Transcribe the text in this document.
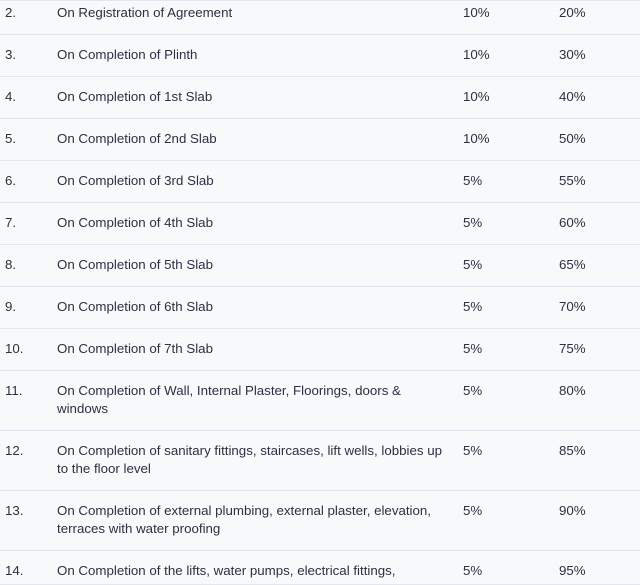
2.	On Registration of Agreement	10%	20%
3.	On Completion of Plinth	10%	30%
4.	On Completion of 1st Slab	10%	40%
5.	On Completion of 2nd Slab	10%	50%
6.	On Completion of 3rd Slab	5%	55%
7.	On Completion of 4th Slab	5%	60%
8.	On Completion of 5th Slab	5%	65%
9.	On Completion of 6th Slab	5%	70%
10.	On Completion of 7th Slab	5%	75%
11.	On Completion of Wall, Internal Plaster, Floorings, doors & windows	5%	80%
12.	On Completion of sanitary fittings, staircases, lift wells, lobbies up to the floor level	5%	85%
13.	On Completion of external plumbing, external plaster, elevation, terraces with water proofing	5%	90%
14.	On Completion of the lifts, water pumps, electrical fittings,	5%	95%
